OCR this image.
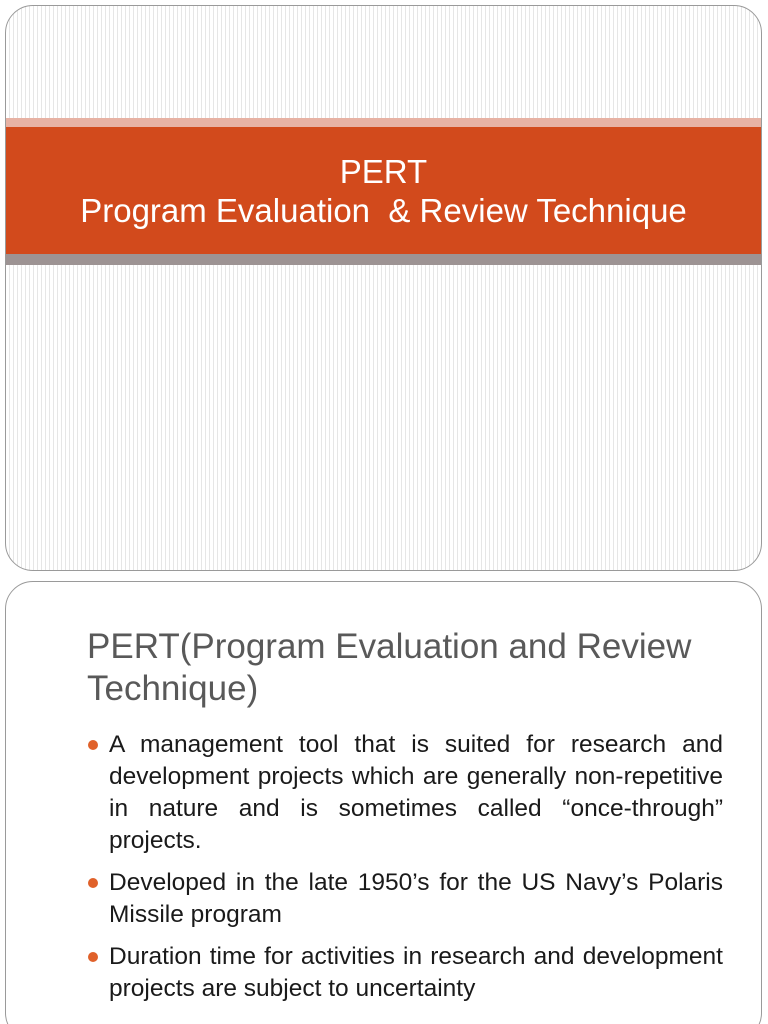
PERT
Program Evaluation  & Review Technique
PERT(Program Evaluation and Review Technique)
A management tool that is suited for research and development projects which are generally non-repetitive in nature and is sometimes called “once-through” projects.
Developed in the late 1950’s for the US Navy’s Polaris Missile program
Duration time for activities in research and development projects are subject to uncertainty
